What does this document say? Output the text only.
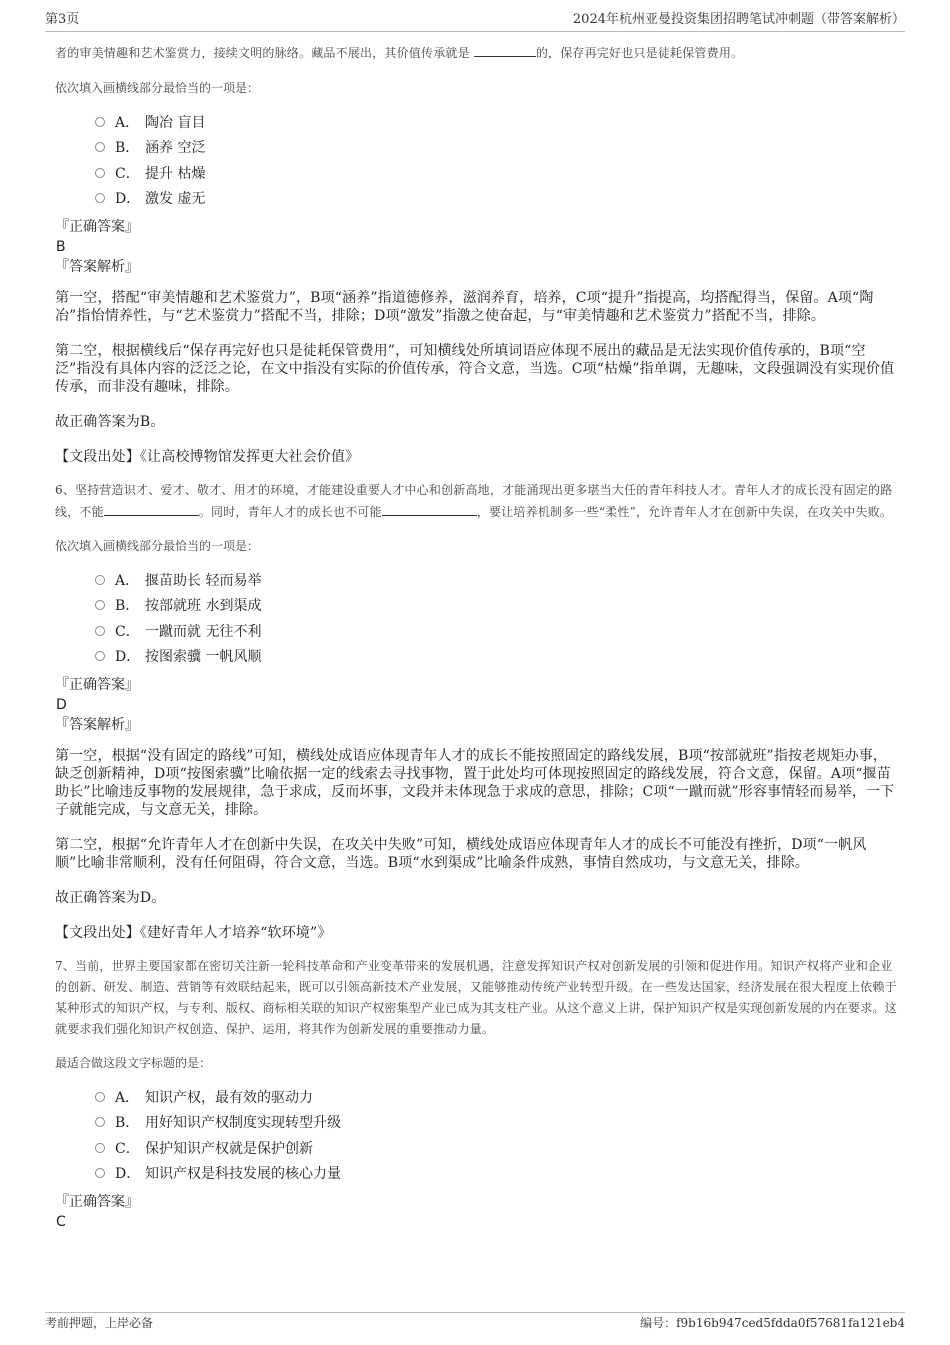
第3页	2024年杭州亚曼投资集团招聘笔试冲刺题（带答案解析）

者的审美情趣和艺术鉴赏力，接续文明的脉络。藏品不展出，其价值传承就是	的，保存再完好也只是徒耗保管费用。

依次填入画横线部分最恰当的一项是：

A． 陶冶 盲目
B． 涵养 空泛
C． 提升 枯燥
D． 激发 虚无

『正确答案』

B

『答案解析』

第一空，搭配“审美情趣和艺术鉴赏力”，B项“涵养”指道德修养，滋润养育，培养，C项“提升”指提高，均搭配得当，保留。A项“陶冶”指怡情养性，与“艺术鉴赏力”搭配不当，排除；D项“激发”指激之使奋起，与“审美情趣和艺术鉴赏力”搭配不当，排除。

第二空，根据横线后“保存再完好也只是徒耗保管费用”，可知横线处所填词语应体现不展出的藏品是无法实现价值传承的，B项“空泛”指没有具体内容的泛泛之论，在文中指没有实际的价值传承，符合文意，当选。C项“枯燥”指单调，无趣味，文段强调没有实现价值传承，而非没有趣味，排除。

故正确答案为B。

【文段出处】《让高校博物馆发挥更大社会价值》

6、坚持营造识才、爱才、敬才、用才的环境，才能建设重要人才中心和创新高地，才能涌现出更多堪当大任的青年科技人才。青年人才的成长没有固定的路线，不能	。同时，青年人才的成长也不可能	，要让培养机制多一些“柔性”，允许青年人才在创新中失误，在攻关中失败。

依次填入画横线部分最恰当的一项是：

A． 揠苗助长 轻而易举
B． 按部就班 水到渠成
C． 一蹴而就 无往不利
D． 按图索骥 一帆风顺

『正确答案』

D

『答案解析』

第一空，根据“没有固定的路线”可知，横线处成语应体现青年人才的成长不能按照固定的路线发展，B项“按部就班”指按老规矩办事，缺乏创新精神，D项“按图索骥”比喻依据一定的线索去寻找事物，置于此处均可体现按照固定的路线发展，符合文意，保留。A项“揠苗助长”比喻违反事物的发展规律，急于求成，反而坏事，文段并未体现急于求成的意思，排除；C项“一蹴而就”形容事情轻而易举，一下子就能完成，与文意无关，排除。

第二空，根据“允许青年人才在创新中失误，在攻关中失败”可知，横线处成语应体现青年人才的成长不可能没有挫折，D项“一帆风顺”比喻非常顺利，没有任何阻碍，符合文意，当选。B项“水到渠成”比喻条件成熟，事情自然成功，与文意无关，排除。

故正确答案为D。

【文段出处】《建好青年人才培养“软环境”》

7、当前，世界主要国家都在密切关注新一轮科技革命和产业变革带来的发展机遇，注意发挥知识产权对创新发展的引领和促进作用。知识产权将产业和企业的创新、研发、制造、营销等有效联结起来，既可以引领高新技术产业发展，又能够推动传统产业转型升级。在一些发达国家，经济发展在很大程度上依赖于某种形式的知识产权，与专利、版权、商标相关联的知识产权密集型产业已成为其支柱产业。从这个意义上讲，保护知识产权是实现创新发展的内在要求。这就要求我们强化知识产权创造、保护、运用，将其作为创新发展的重要推动力量。

最适合做这段文字标题的是：

A． 知识产权，最有效的驱动力
B． 用好知识产权制度实现转型升级
C． 保护知识产权就是保护创新
D． 知识产权是科技发展的核心力量

『正确答案』

C

考前押题，上岸必备	编号：f9b16b947ced5fdda0f57681fa121eb4
